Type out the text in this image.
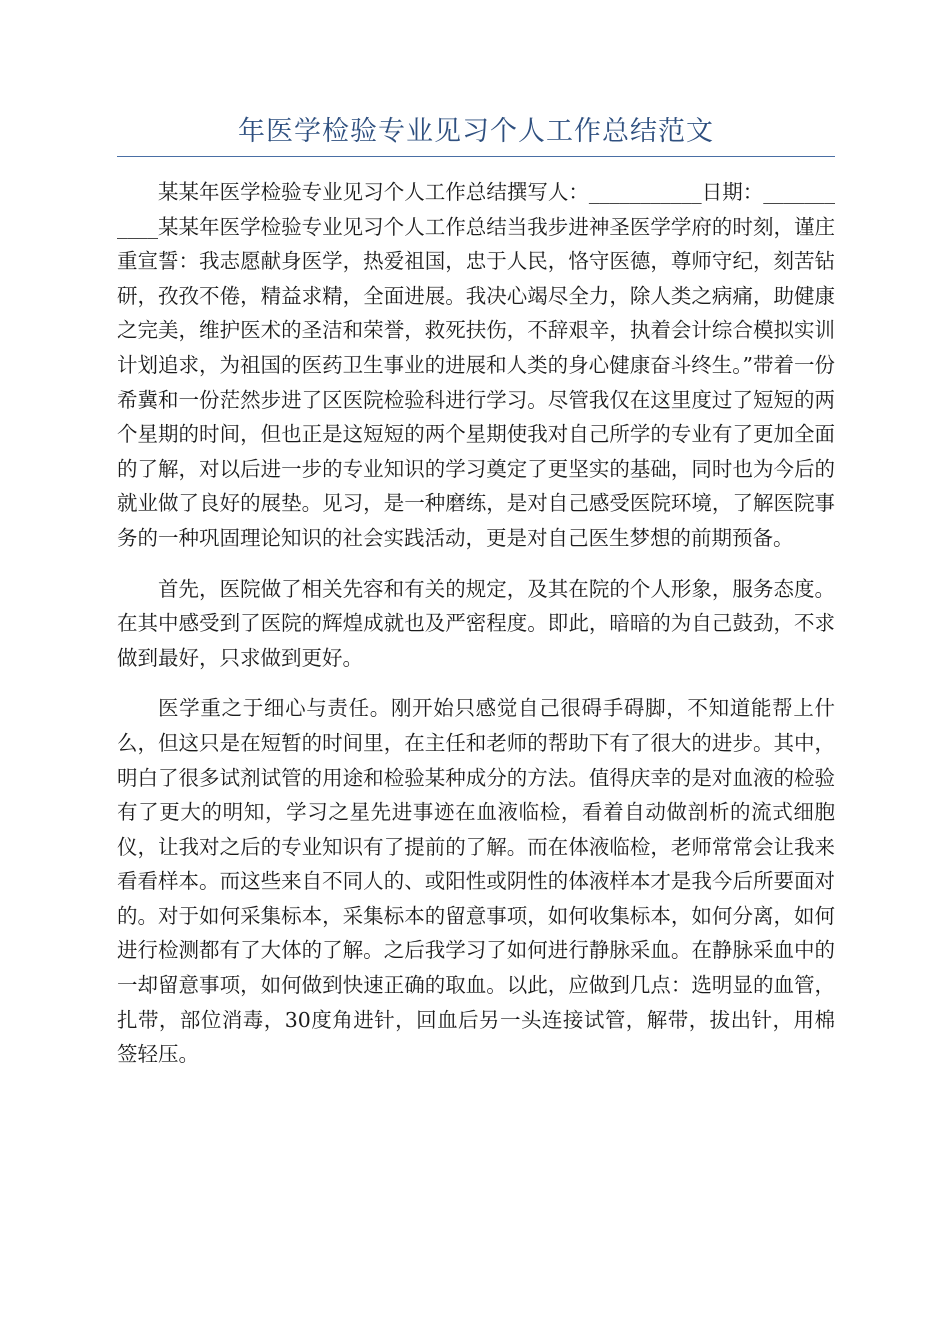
年医学检验专业见习个人工作总结范文

某某年医学检验专业见习个人工作总结撰写人：___________日期：___________某某年医学检验专业见习个人工作总结当我步进神圣医学学府的时刻，谨庄重宣誓：我志愿献身医学，热爱祖国，忠于人民，恪守医德，尊师守纪，刻苦钻研，孜孜不倦，精益求精，全面进展。我决心竭尽全力，除人类之病痛，助健康之完美，维护医术的圣洁和荣誉，救死扶伤，不辞艰辛，执着会计综合模拟实训计划追求，为祖国的医药卫生事业的进展和人类的身心健康奋斗终生。”带着一份希冀和一份茫然步进了区医院检验科进行学习。尽管我仅在这里度过了短短的两个星期的时间，但也正是这短短的两个星期使我对自己所学的专业有了更加全面的了解，对以后进一步的专业知识的学习奠定了更坚实的基础，同时也为今后的就业做了良好的展垫。见习，是一种磨练，是对自己感受医院环境，了解医院事务的一种巩固理论知识的社会实践活动，更是对自己医生梦想的前期预备。

首先，医院做了相关先容和有关的规定，及其在院的个人形象，服务态度。在其中感受到了医院的辉煌成就也及严密程度。即此，暗暗的为自己鼓劲，不求做到最好，只求做到更好。

医学重之于细心与责任。刚开始只感觉自己很碍手碍脚，不知道能帮上什么，但这只是在短暂的时间里，在主任和老师的帮助下有了很大的进步。其中，明白了很多试剂试管的用途和检验某种成分的方法。值得庆幸的是对血液的检验有了更大的明知，学习之星先进事迹在血液临检，看着自动做剖析的流式细胞仪，让我对之后的专业知识有了提前的了解。而在体液临检，老师常常会让我来看看样本。而这些来自不同人的、或阳性或阴性的体液样本才是我今后所要面对的。对于如何采集标本，采集标本的留意事项，如何收集标本，如何分离，如何进行检测都有了大体的了解。之后我学习了如何进行静脉采血。在静脉采血中的一却留意事项，如何做到快速正确的取血。以此，应做到几点：选明显的血管，扎带，部位消毒，30度角进针，回血后另一头连接试管，解带，拔出针，用棉签轻压。
